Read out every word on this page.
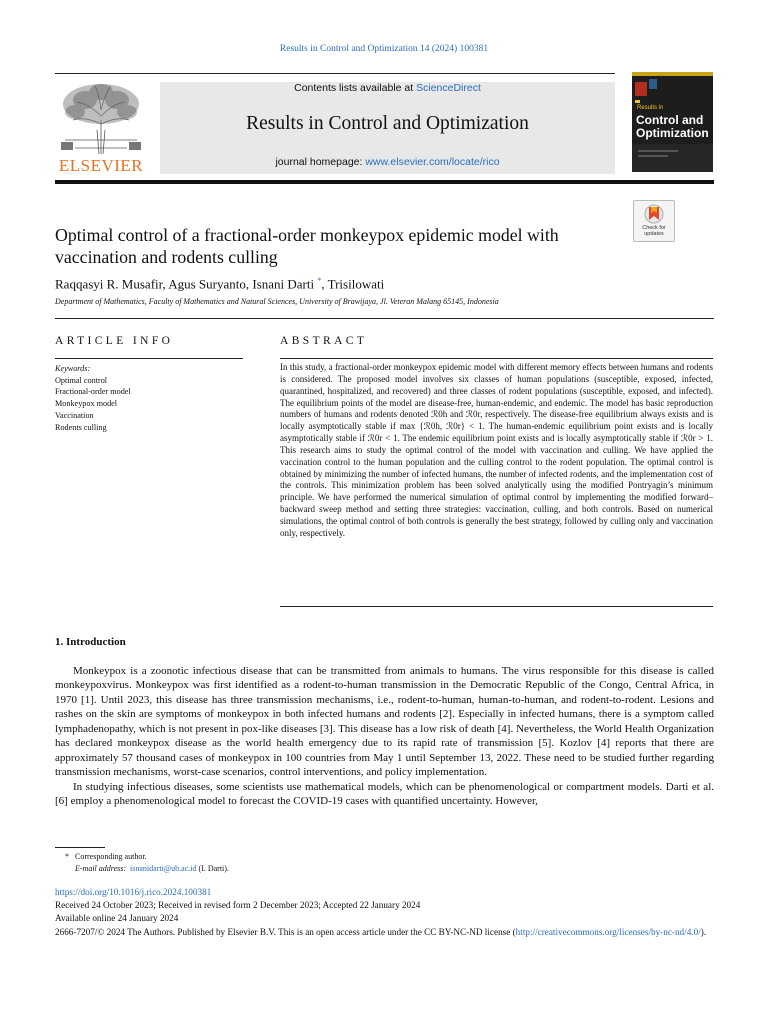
Results in Control and Optimization 14 (2024) 100381
ELSEVIER
Contents lists available at ScienceDirect
Results in Control and Optimization
journal homepage: www.elsevier.com/locate/rico
Results in
Control and
Optimization
Check for updates
Optimal control of a fractional-order monkeypox epidemic model with vaccination and rodents culling
Raqqasyi R. Musafir, Agus Suryanto, Isnani Darti *, Trisilowati
Department of Mathematics, Faculty of Mathematics and Natural Sciences, University of Brawijaya, Jl. Veteran Malang 65145, Indonesia
ARTICLE INFO	ABSTRACT
Keywords:
Optimal control
Fractional-order model
Monkeypox model
Vaccination
Rodents culling
In this study, a fractional-order monkeypox epidemic model with different memory effects between humans and rodents is considered. The proposed model involves six classes of human populations (susceptible, exposed, infected, quarantined, hospitalized, and recovered) and three classes of rodent populations (susceptible, exposed, and infected). The equilibrium points of the model are disease-free, human-endemic, and endemic. The model has basic reproduction numbers of humans and rodents denoted ℛ0h and ℛ0r, respectively. The disease-free equilibrium always exists and is locally asymptotically stable if max {ℛ0h, ℛ0r} < 1. The human-endemic equilibrium point exists and is locally asymptotically stable if ℛ0r < 1. The endemic equilibrium point exists and is locally asymptotically stable if ℛ0r > 1. This research aims to study the optimal control of the model with vaccination and culling. We have applied the vaccination control to the human population and the culling control to the rodent population. The optimal control is obtained by minimizing the number of infected humans, the number of infected rodents, and the implementation cost of the controls. This minimization problem has been solved analytically using the modified Pontryagin’s minimum principle. We have performed the numerical simulation of optimal control by implementing the modified forward–backward sweep method and setting three strategies: vaccination, culling, and both controls. Based on numerical simulations, the optimal control of both controls is generally the best strategy, followed by culling only and vaccination only, respectively.
1. Introduction

Monkeypox is a zoonotic infectious disease that can be transmitted from animals to humans. The virus responsible for this disease is called monkeypoxvirus. Monkeypox was first identified as a rodent-to-human transmission in the Democratic Republic of the Congo, Central Africa, in 1970 [1]. Until 2023, this disease has three transmission mechanisms, i.e., rodent-to-human, human-to-human, and rodent-to-rodent. Lesions and rashes on the skin are symptoms of monkeypox in both infected humans and rodents [2]. Especially in infected humans, there is a symptom called lymphadenopathy, which is not present in pox-like diseases [3]. This disease has a low risk of death [4]. Nevertheless, the World Health Organization has declared monkeypox disease as the world health emergency due to its rapid rate of transmission [5]. Kozlov [4] reports that there are approximately 57 thousand cases of monkeypox in 100 countries from May 1 until September 13, 2022. These need to be studied further regarding transmission mechanisms, worst-case scenarios, control interventions, and policy implementation.

In studying infectious diseases, some scientists use mathematical models, which can be phenomenological or compartment models. Darti et al. [6] employ a phenomenological model to forecast the COVID-19 cases with quantified uncertainty. However,

* Corresponding author.
E-mail address: isnanidarti@ub.ac.id (I. Darti).
https://doi.org/10.1016/j.rico.2024.100381
Received 24 October 2023; Received in revised form 2 December 2023; Accepted 22 January 2024
Available online 24 January 2024
2666-7207/© 2024 The Authors. Published by Elsevier B.V. This is an open access article under the CC BY-NC-ND license (http://creativecommons.org/licenses/by-nc-nd/4.0/).
